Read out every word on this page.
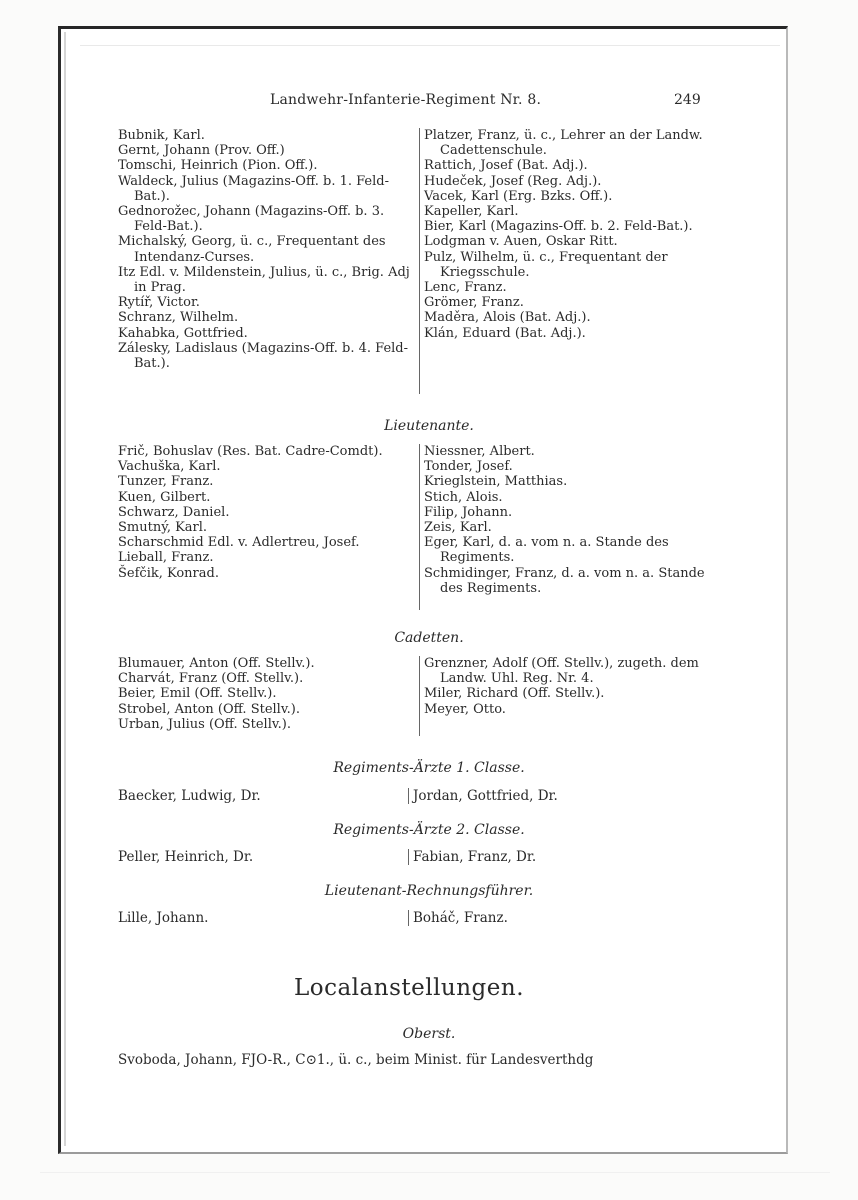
Landwehr-Infanterie-Regiment Nr. 8.	249
Bubnik, Karl.
Gernt, Johann (Prov. Off.)
Tomschi, Heinrich (Pion. Off.).
Waldeck, Julius (Magazins-Off. b. 1. Feld-Bat.).
Gednorožec, Johann (Magazins-Off. b. 3. Feld-Bat.).
Michalský, Georg, ü. c., Frequentant des Intendanz-Curses.
Itz Edl. v. Mildenstein, Julius, ü. c., Brig. Adj in Prag.
Rytíř, Victor.
Schranz, Wilhelm.
Kahabka, Gottfried.
Zálesky, Ladislaus (Magazins-Off. b. 4. Feld-Bat.).
Platzer, Franz, ü. c., Lehrer an der Landw. Cadettenschule.
Rattich, Josef (Bat. Adj.).
Hudeček, Josef (Reg. Adj.).
Vacek, Karl (Erg. Bzks. Off.).
Kapeller, Karl.
Bier, Karl (Magazins-Off. b. 2. Feld-Bat.).
Lodgman v. Auen, Oskar Ritt.
Pulz, Wilhelm, ü. c., Frequentant der Kriegsschule.
Lenc, Franz.
Grömer, Franz.
Maděra, Alois (Bat. Adj.).
Klán, Eduard (Bat. Adj.).
Lieutenante.
Frič, Bohuslav (Res. Bat. Cadre-Comdt).
Vachuška, Karl.
Tunzer, Franz.
Kuen, Gilbert.
Schwarz, Daniel.
Smutný, Karl.
Scharschmid Edl. v. Adlertreu, Josef.
Lieball, Franz.
Šefčik, Konrad.
Niessner, Albert.
Tonder, Josef.
Krieglstein, Matthias.
Stich, Alois.
Filip, Johann.
Zeis, Karl.
Eger, Karl, d. a. vom n. a. Stande des Regiments.
Schmidinger, Franz, d. a. vom n. a. Stande des Regiments.
Cadetten.
Blumauer, Anton (Off. Stellv.).
Charvát, Franz (Off. Stellv.).
Beier, Emil (Off. Stellv.).
Strobel, Anton (Off. Stellv.).
Urban, Julius (Off. Stellv.).
Grenzner, Adolf (Off. Stellv.), zugeth. dem Landw. Uhl. Reg. Nr. 4.
Miler, Richard (Off. Stellv.).
Meyer, Otto.
Regiments-Ärzte 1. Classe.
Baecker, Ludwig, Dr.	Jordan, Gottfried, Dr.
Regiments-Ärzte 2. Classe.
Peller, Heinrich, Dr.	Fabian, Franz, Dr.
Lieutenant-Rechnungsführer.
Lille, Johann.	Boháč, Franz.
Localanstellungen.
Oberst.
Svoboda, Johann, FJO-R., C⊙1., ü. c., beim Minist. für Landesverthdg
